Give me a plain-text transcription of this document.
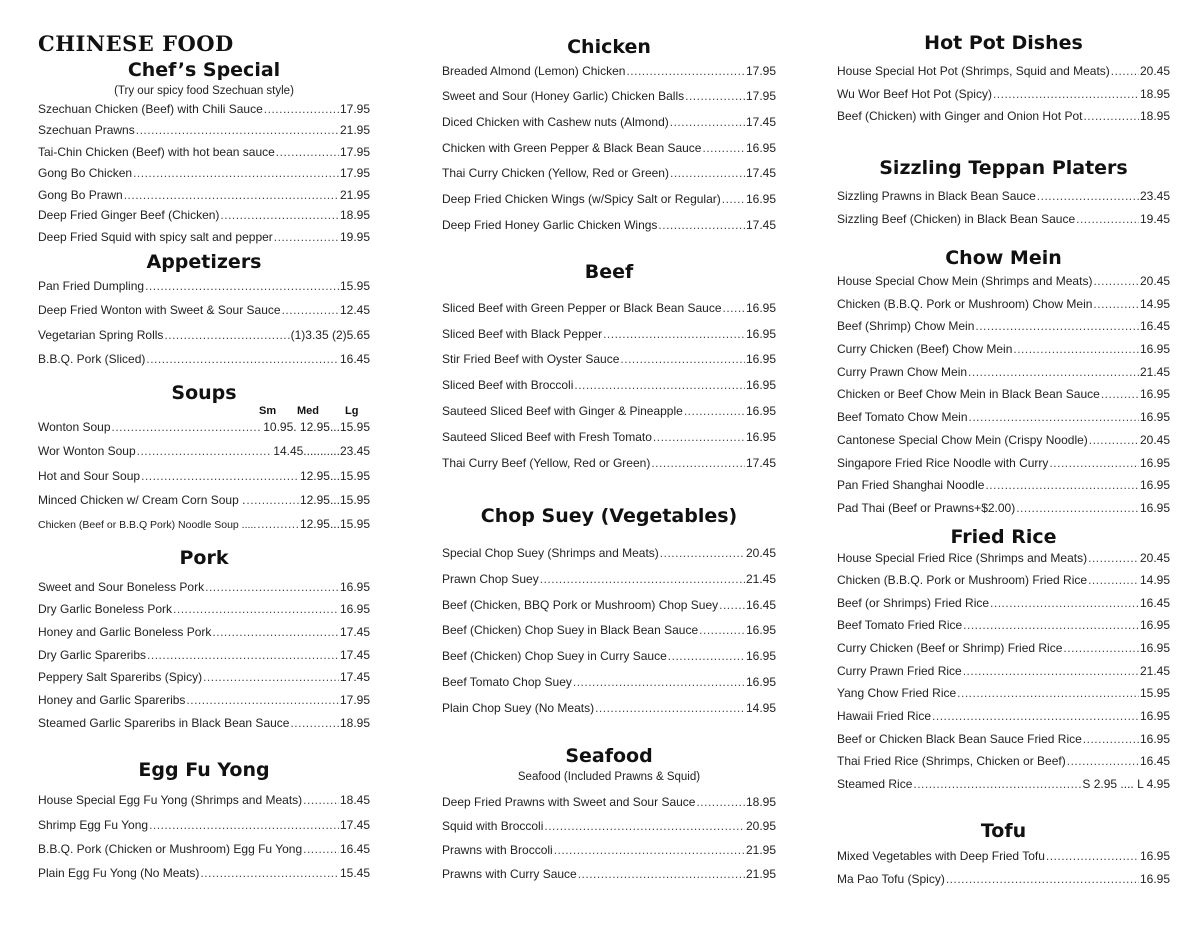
CHINESE FOOD
Chef’s Special
(Try our spicy food Szechuan style)
Szechuan Chicken (Beef) with Chili Sauce .....	17.95
Szechuan Prawns .....	21.95
Tai-Chin Chicken (Beef) with hot bean sauce .....	17.95
Gong Bo Chicken .....	17.95
Gong Bo Prawn .....	21.95
Deep Fried Ginger Beef (Chicken) .....	18.95
Deep Fried Squid with spicy salt and pepper .....	19.95
Appetizers
Pan Fried Dumpling .....	15.95
Deep Fried Wonton with Sweet & Sour Sauce .....	12.45
Vegetarian Spring Rolls .....	(1)3.35 (2)5.65
B.B.Q. Pork (Sliced) .....	16.45
Soups
Sm Med Lg
Wonton Soup .....	10.95. 12.95...15.95
Wor Wonton Soup .....	14.45...........23.45
Hot and Sour Soup .....	12.95...15.95
Minced Chicken w/ Cream Corn Soup . .....	12.95...15.95
Chicken (Beef or B.B.Q Pork) Noodle Soup ..... .....	12.95...15.95
Pork
Sweet and Sour Boneless Pork .....	16.95
Dry Garlic Boneless Pork .....	16.95
Honey and Garlic Boneless Pork .....	17.45
Dry Garlic Spareribs .....	17.45
Peppery Salt Spareribs (Spicy) .....	17.45
Honey and Garlic Spareribs .....	17.95
Steamed Garlic Spareribs in Black Bean Sauce .....	18.95
Egg Fu Yong
House Special Egg Fu Yong (Shrimps and Meats) .....	18.45
Shrimp Egg Fu Yong .....	17.45
B.B.Q. Pork (Chicken or Mushroom) Egg Fu Yong .....	16.45
Plain Egg Fu Yong (No Meats) .....	15.45
Chicken
Breaded Almond (Lemon) Chicken .....	17.95
Sweet and Sour (Honey Garlic) Chicken Balls .....	17.95
Diced Chicken with Cashew nuts (Almond) .....	17.45
Chicken with Green Pepper & Black Bean Sauce .....	16.95
Thai Curry Chicken (Yellow, Red or Green) .....	17.45
Deep Fried Chicken Wings (w/Spicy Salt or Regular) ..... 16.95
Deep Fried Honey Garlic Chicken Wings .....	17.45
Beef
Sliced Beef with Green Pepper or Black Bean Sauce ..... 16.95
Sliced Beef with Black Pepper .....	16.95
Stir Fried Beef with Oyster Sauce .....	16.95
Sliced Beef with Broccoli .....	16.95
Sauteed Sliced Beef with Ginger & Pineapple .....	16.95
Sauteed Sliced Beef with Fresh Tomato .....	16.95
Thai Curry Beef (Yellow, Red or Green) .....	17.45
Chop Suey (Vegetables)
Special Chop Suey (Shrimps and Meats) .....	20.45
Prawn Chop Suey .....	21.45
Beef (Chicken, BBQ Pork or Mushroom) Chop Suey ..... 16.45
Beef (Chicken) Chop Suey in Black Bean Sauce .....	16.95
Beef (Chicken) Chop Suey in Curry Sauce .....	16.95
Beef Tomato Chop Suey .....	16.95
Plain Chop Suey (No Meats) .....	14.95
Seafood
Seafood (Included Prawns & Squid)
Deep Fried Prawns with Sweet and Sour Sauce .....	18.95
Squid with Broccoli .....	20.95
Prawns with Broccoli .....	21.95
Prawns with Curry Sauce .....	21.95
Hot Pot Dishes
House Special Hot Pot (Shrimps, Squid and Meats) .....	20.45
Wu Wor Beef Hot Pot (Spicy) .....	18.95
Beef (Chicken) with Ginger and Onion Hot Pot .....	18.95
Sizzling Teppan Platers
Sizzling Prawns in Black Bean Sauce .....	23.45
Sizzling Beef (Chicken) in Black Bean Sauce .....	19.45
Chow Mein
House Special Chow Mein (Shrimps and Meats) .....	20.45
Chicken (B.B.Q. Pork or Mushroom) Chow Mein .....	14.95
Beef (Shrimp) Chow Mein .....	16.45
Curry Chicken (Beef) Chow Mein .....	16.95
Curry Prawn Chow Mein .....	21.45
Chicken or Beef Chow Mein in Black Bean Sauce .....	16.95
Beef Tomato Chow Mein .....	16.95
Cantonese Special Chow Mein (Crispy Noodle) .....	20.45
Singapore Fried Rice Noodle with Curry .....	16.95
Pan Fried Shanghai Noodle .....	16.95
Pad Thai (Beef or Prawns+$2.00) .....	16.95
Fried Rice
House Special Fried Rice (Shrimps and Meats) .....	20.45
Chicken (B.B.Q. Pork or Mushroom) Fried Rice .....	14.95
Beef (or Shrimps) Fried Rice .....	16.45
Beef Tomato Fried Rice .....	16.95
Curry Chicken (Beef or Shrimp) Fried Rice .....	16.95
Curry Prawn Fried Rice .....	21.45
Yang Chow Fried Rice .....	15.95
Hawaii Fried Rice .....	16.95
Beef or Chicken Black Bean Sauce Fried Rice .....	16.95
Thai Fried Rice (Shrimps, Chicken or Beef) .....	16.45
Steamed Rice .....	S 2.95 .... L 4.95
Tofu
Mixed Vegetables with Deep Fried Tofu .....	16.95
Ma Pao Tofu (Spicy) .....	16.95
